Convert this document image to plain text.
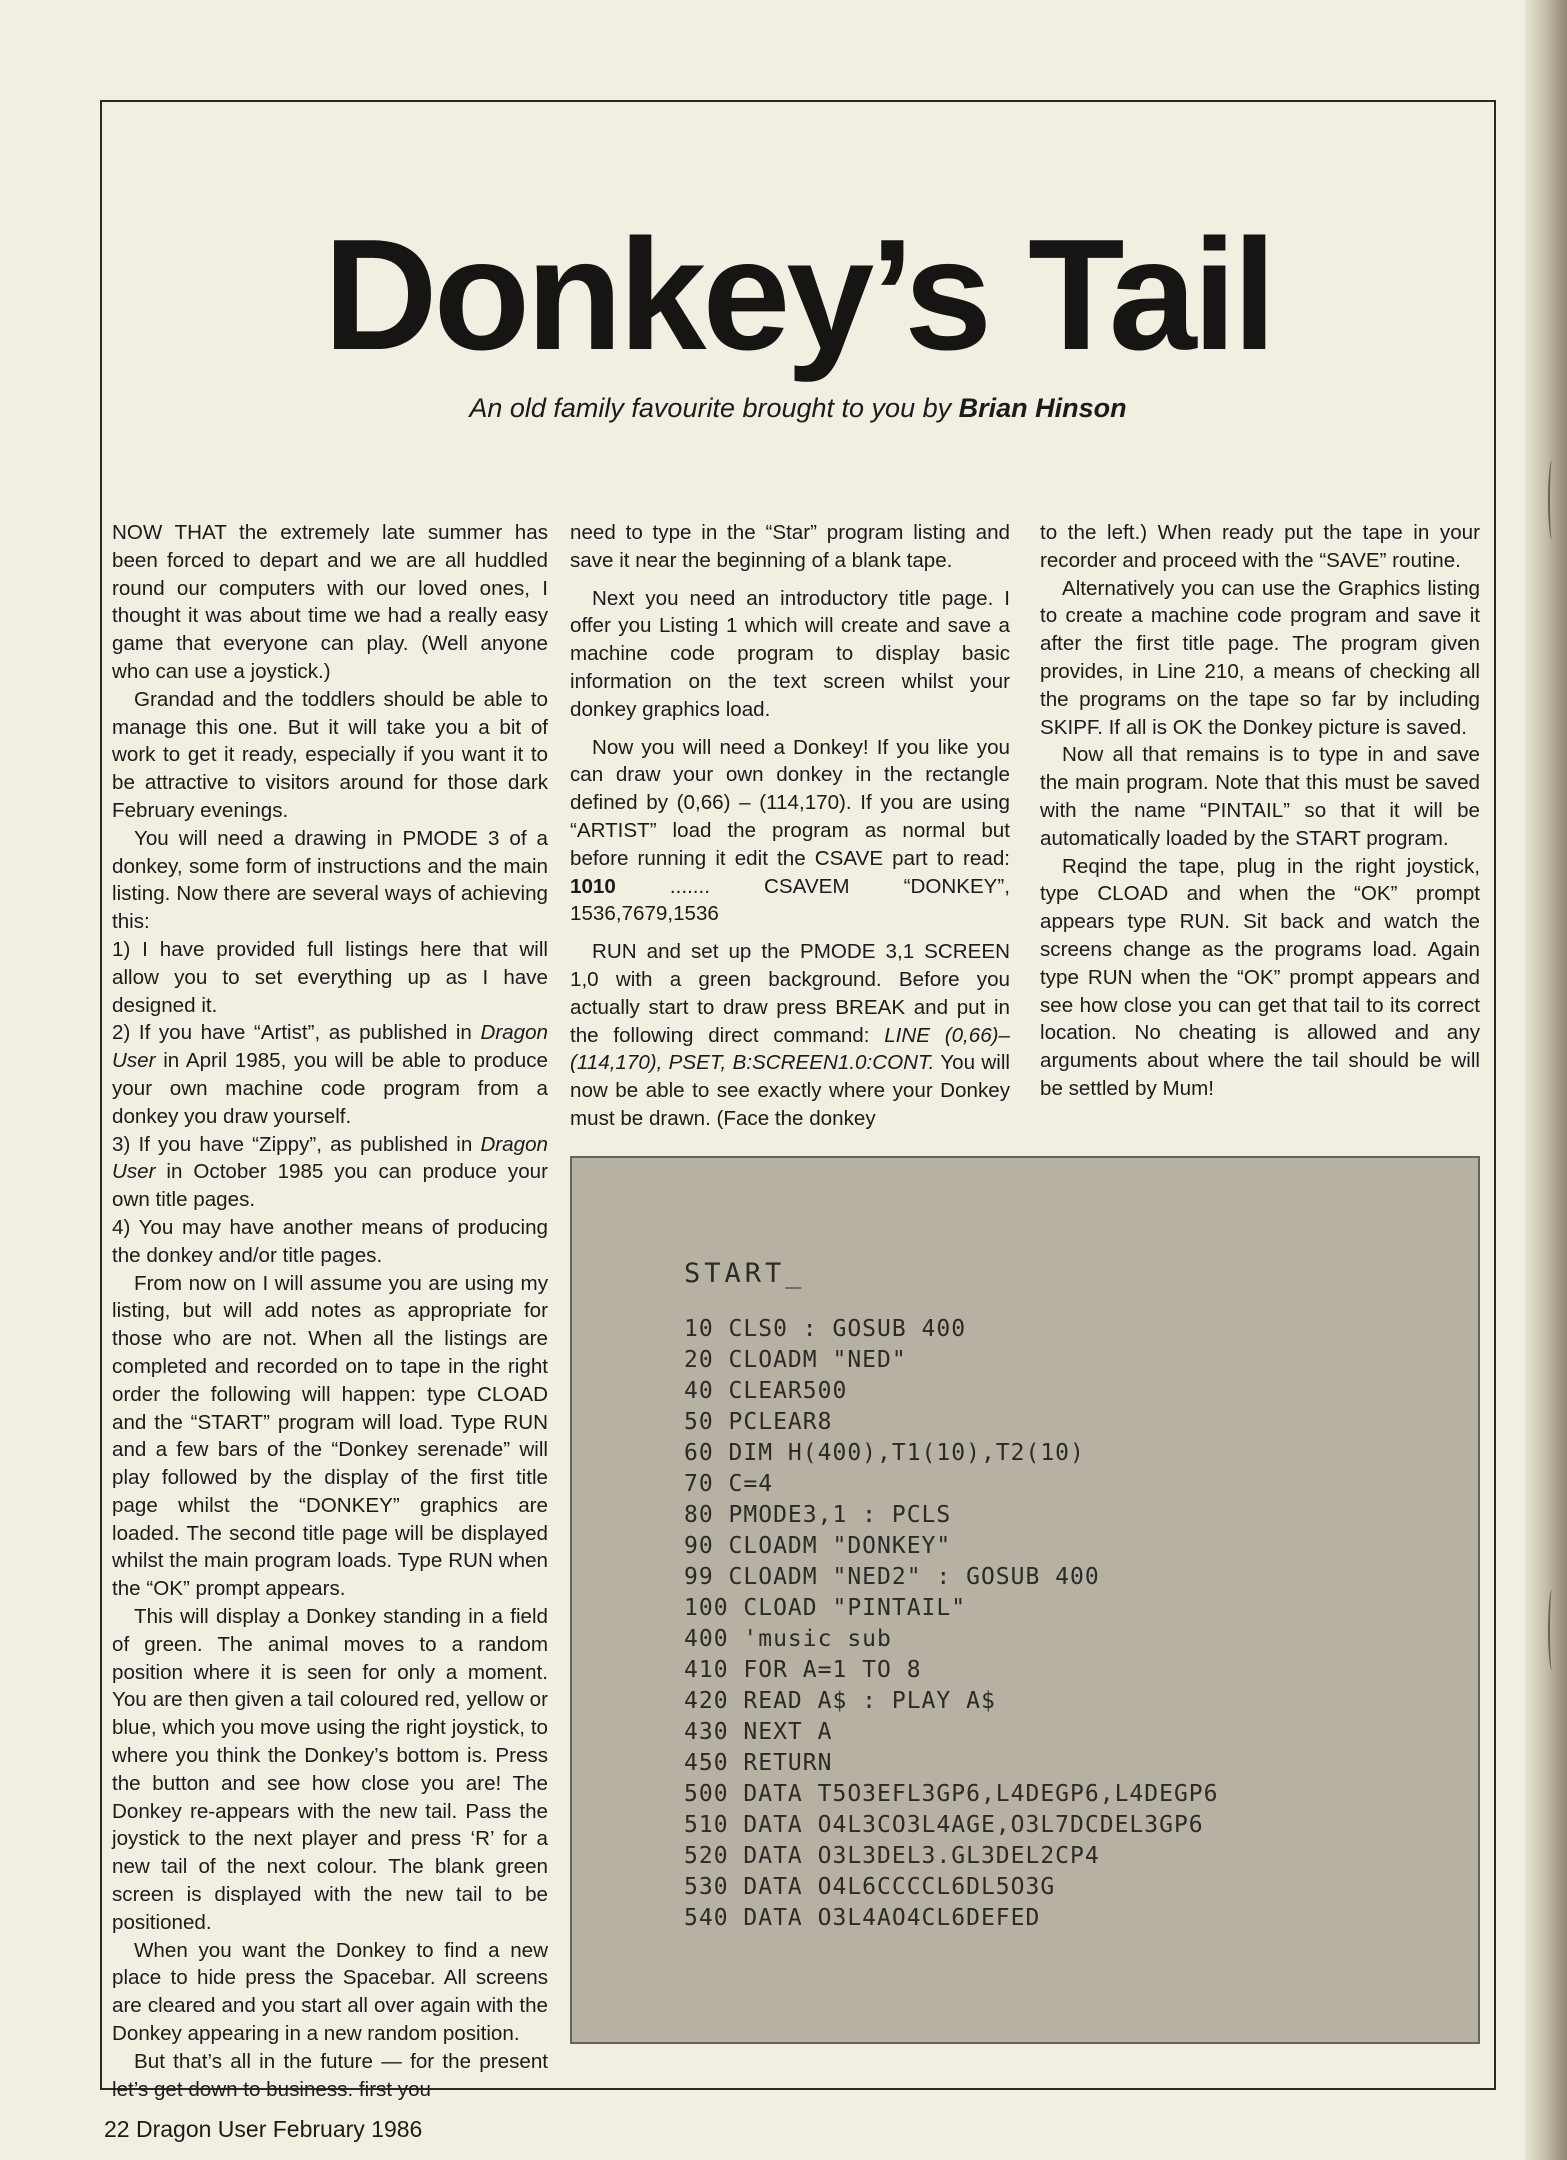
Donkey’s Tail

An old family favourite brought to you by Brian Hinson

NOW THAT the extremely late summer has been forced to depart and we are all huddled round our computers with our loved ones, I thought it was about time we had a really easy game that everyone can play. (Well anyone who can use a joystick.)

Grandad and the toddlers should be able to manage this one. But it will take you a bit of work to get it ready, especially if you want it to be attractive to visitors around for those dark February evenings.

You will need a drawing in PMODE 3 of a donkey, some form of instructions and the main listing. Now there are several ways of achieving this:

1) I have provided full listings here that will allow you to set everything up as I have designed it.

2) If you have “Artist”, as published in Dragon User in April 1985, you will be able to produce your own machine code program from a donkey you draw yourself.

3) If you have “Zippy”, as published in Dragon User in October 1985 you can produce your own title pages.

4) You may have another means of producing the donkey and/or title pages.

From now on I will assume you are using my listing, but will add notes as appropriate for those who are not. When all the listings are completed and recorded on to tape in the right order the following will happen: type CLOAD and the “START” program will load. Type RUN and a few bars of the “Donkey serenade” will play followed by the display of the first title page whilst the “DONKEY” graphics are loaded. The second title page will be displayed whilst the main program loads. Type RUN when the “OK” prompt appears.

This will display a Donkey standing in a field of green. The animal moves to a random position where it is seen for only a moment. You are then given a tail coloured red, yellow or blue, which you move using the right joystick, to where you think the Donkey’s bottom is. Press the button and see how close you are! The Donkey re-appears with the new tail. Pass the joystick to the next player and press ‘R’ for a new tail of the next colour. The blank green screen is displayed with the new tail to be positioned.

When you want the Donkey to find a new place to hide press the Spacebar. All screens are cleared and you start all over again with the Donkey appearing in a new random position.

But that’s all in the future — for the present let’s get down to business. first you

need to type in the “Star” program listing and save it near the beginning of a blank tape.

Next you need an introductory title page. I offer you Listing 1 which will create and save a machine code program to display basic information on the text screen whilst your donkey graphics load.

Now you will need a Donkey! If you like you can draw your own donkey in the rectangle defined by (0,66) – (114,170). If you are using “ARTIST” load the program as normal but before running it edit the CSAVE part to read: 1010	....... CSAVEM “DONKEY”, 1536,7679,1536

RUN and set up the PMODE 3,1 SCREEN 1,0 with a green background. Before you actually start to draw press BREAK and put in the following direct command: LINE (0,66)–(114,170), PSET, B:SCREEN1.0:CONT. You will now be able to see exactly where your Donkey must be drawn. (Face the donkey

to the left.) When ready put the tape in your recorder and proceed with the “SAVE” routine.

Alternatively you can use the Graphics listing to create a machine code program and save it after the first title page. The program given provides, in Line 210, a means of checking all the programs on the tape so far by including SKIPF. If all is OK the Donkey picture is saved.

Now all that remains is to type in and save the main program. Note that this must be saved with the name “PINTAIL” so that it will be automatically loaded by the START program.

Reqind the tape, plug in the right joystick, type CLOAD and when the “OK” prompt appears type RUN. Sit back and watch the screens change as the programs load. Again type RUN when the “OK” prompt appears and see how close you can get that tail to its correct location. No cheating is allowed and any arguments about where the tail should be will be settled by Mum!

START_
10 CLS0 : GOSUB 400
20 CLOADM "NED"
40 CLEAR500
50 PCLEAR8
60 DIM H(400),T1(10),T2(10)
70 C=4
80 PMODE3,1 : PCLS
90 CLOADM "DONKEY"
99 CLOADM "NED2" : GOSUB 400
100 CLOAD "PINTAIL"
400 'music sub
410 FOR A=1 TO 8
420 READ A$ : PLAY A$
430 NEXT A
450 RETURN
500 DATA T5O3EFL3GP6,L4DEGP6,L4DEGP6
510 DATA O4L3CO3L4AGE,O3L7DCDEL3GP6
520 DATA O3L3DEL3.GL3DEL2CP4
530 DATA O4L6CCCCL6DL5O3G
540 DATA O3L4AO4CL6DEFED
22 Dragon User February 1986
